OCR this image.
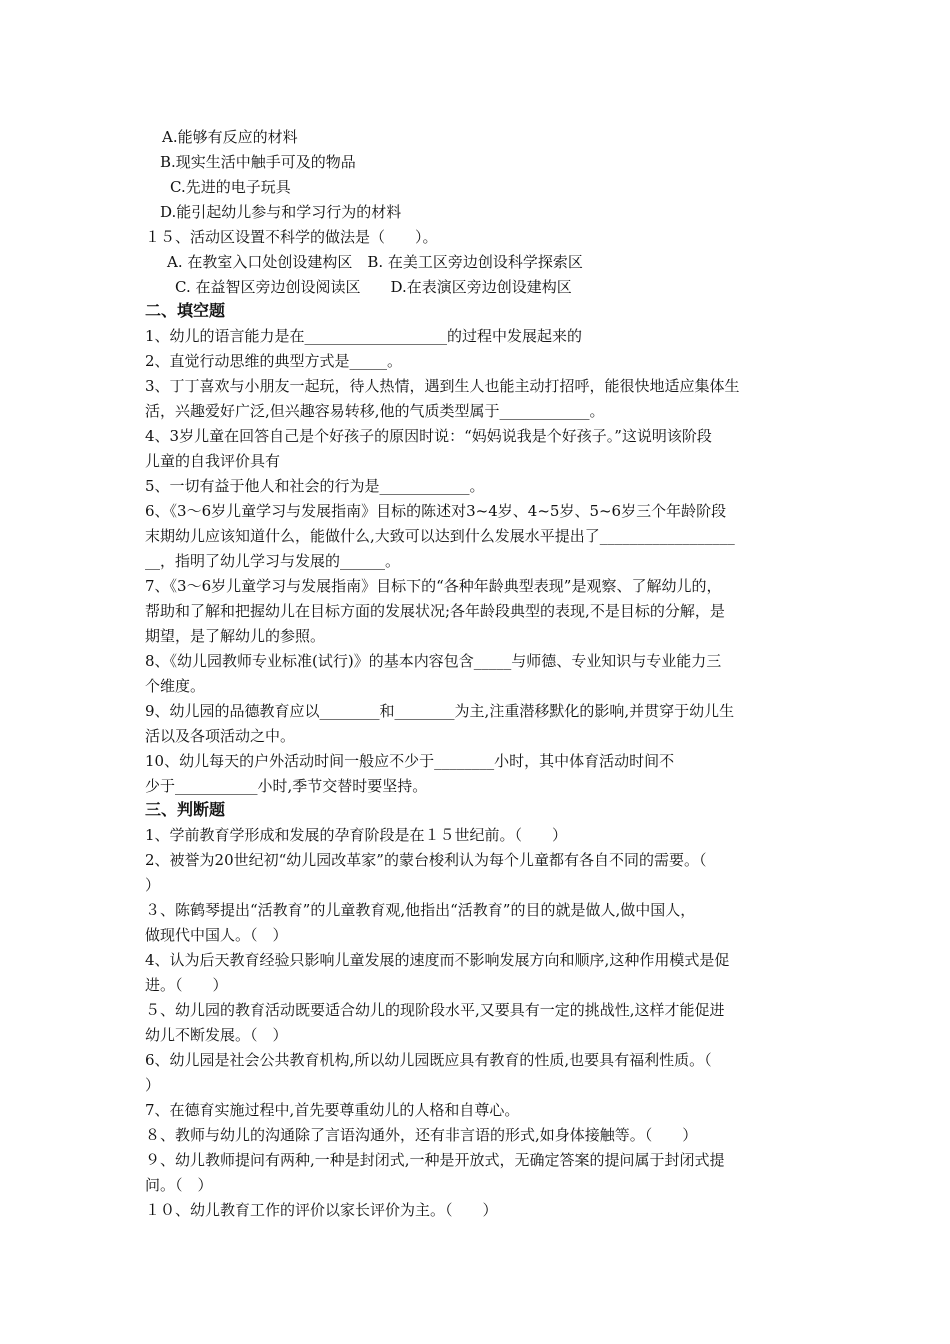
A.能够有反应的材料
B.现实生活中触手可及的物品
C.先进的电子玩具
D.能引起幼儿参与和学习行为的材料
１５、活动区设置不科学的做法是（　　）。
A. 在教室入口处创设建构区　B. 在美工区旁边创设科学探索区
C. 在益智区旁边创设阅读区　　D.在表演区旁边创设建构区
二、填空题
1、幼儿的语言能力是在___________________的过程中发展起来的
2、直觉行动思维的典型方式是_____。
3、丁丁喜欢与小朋友一起玩，待人热情，遇到生人也能主动打招呼，能很快地适应集体生
活，兴趣爱好广泛,但兴趣容易转移,他的气质类型属于____________。
4、3岁儿童在回答自己是个好孩子的原因时说：“妈妈说我是个好孩子。”这说明该阶段
儿童的自我评价具有
5、一切有益于他人和社会的行为是____________。
6、《3～6岁儿童学习与发展指南》目标的陈述对3~4岁、4~5岁、5~6岁三个年龄阶段
末期幼儿应该知道什么，能做什么,大致可以达到什么发展水平提出了__________________
__，指明了幼儿学习与发展的______。
7、《3～6岁儿童学习与发展指南》目标下的“各种年龄典型表现”是观察、了解幼儿的，
帮助和了解和把握幼儿在目标方面的发展状况;各年龄段典型的表现,不是目标的分解，是
期望，是了解幼儿的参照。
8、《幼儿园教师专业标准(试行)》的基本内容包含_____与师德、专业知识与专业能力三
个维度。
9、幼儿园的品德教育应以________和________为主,注重潜移默化的影响,并贯穿于幼儿生
活以及各项活动之中。
10、幼儿每天的户外活动时间一般应不少于________小时，其中体育活动时间不
少于___________小时,季节交替时要坚持。
三、判断题
1、学前教育学形成和发展的孕育阶段是在１５世纪前。（　　）
2、被誉为20世纪初“幼儿园改革家”的蒙台梭利认为每个儿童都有各自不同的需要。（
）
３、陈鹤琴提出“活教育”的儿童教育观,他指出“活教育”的目的就是做人,做中国人，
做现代中国人。（　）
4、认为后天教育经验只影响儿童发展的速度而不影响发展方向和顺序,这种作用模式是促
进。（　　）
５、幼儿园的教育活动既要适合幼儿的现阶段水平,又要具有一定的挑战性,这样才能促进
幼儿不断发展。（　）
6、幼儿园是社会公共教育机构,所以幼儿园既应具有教育的性质,也要具有福利性质。（
）
7、在德育实施过程中,首先要尊重幼儿的人格和自尊心。
８、教师与幼儿的沟通除了言语沟通外，还有非言语的形式,如身体接触等。（　　）
９、幼儿教师提问有两种,一种是封闭式,一种是开放式，无确定答案的提问属于封闭式提
问。（　）
１０、幼儿教育工作的评价以家长评价为主。（　　）
